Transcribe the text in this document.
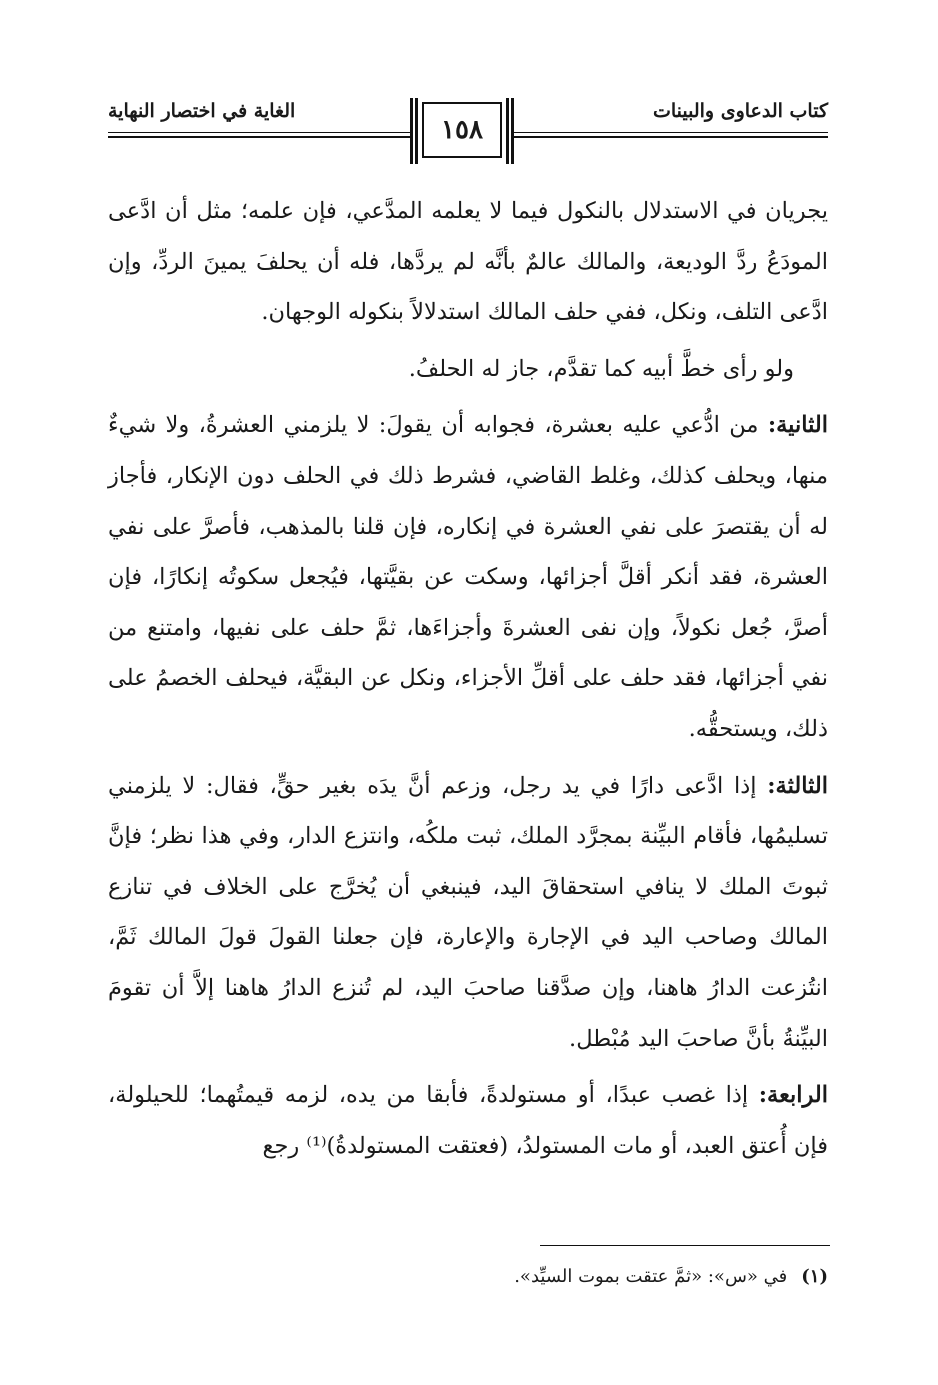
كتاب الدعاوى والبينات
الغاية في اختصار النهاية
١٥٨

يجريان في الاستدلال بالنكول فيما لا يعلمه المدَّعي، فإن علمه؛ مثل أن ادَّعى المودَعُ ردَّ الوديعة، والمالك عالمٌ بأنَّه لم يردَّها، فله أن يحلفَ يمينَ الردِّ، وإن ادَّعى التلف، ونكل، ففي حلف المالك استدلالاً بنكوله الوجهان.

ولو رأى خطَّ أبيه كما تقدَّم، جاز له الحلفُ.

الثانية: من ادُّعي عليه بعشرة، فجوابه أن يقولَ: لا يلزمني العشرةُ، ولا شيءٌ منها، ويحلف كذلك، وغلط القاضي، فشرط ذلك في الحلف دون الإنكار، فأجاز له أن يقتصرَ على نفي العشرة في إنكاره، فإن قلنا بالمذهب، فأصرَّ على نفي العشرة، فقد أنكر أقلَّ أجزائها، وسكت عن بقيَّتها، فيُجعل سكوتُه إنكارًا، فإن أصرَّ، جُعل نكولاً، وإن نفى العشرةَ وأجزاءَها، ثمَّ حلف على نفيها، وامتنع من نفي أجزائها، فقد حلف على أقلِّ الأجزاء، ونكل عن البقيَّة، فيحلف الخصمُ على ذلك، ويستحقُّه.

الثالثة: إذا ادَّعى دارًا في يد رجل، وزعم أنَّ يدَه بغير حقٍّ، فقال: لا يلزمني تسليمُها، فأقام البيِّنة بمجرَّد الملك، ثبت ملكُه، وانتزع الدار، وفي هذا نظر؛ فإنَّ ثبوتَ الملك لا ينافي استحقاقَ اليد، فينبغي أن يُخرَّج على الخلاف في تنازع المالك وصاحب اليد في الإجارة والإعارة، فإن جعلنا القولَ قولَ المالك ثَمَّ، انتُزعت الدارُ هاهنا، وإن صدَّقنا صاحبَ اليد، لم تُنزع الدارُ هاهنا إلاَّ أن تقومَ البيِّنةُ بأنَّ صاحبَ اليد مُبْطل.

الرابعة: إذا غصب عبدًا، أو مستولدةً، فأبقا من يده، لزمه قيمتُهما؛ للحيلولة، فإن أُعتق العبد، أو مات المستولدُ، (فعتقت المستولدةُ)⁽¹⁾ رجع

(١)في «س»: «ثمَّ عتقت بموت السيِّد».
